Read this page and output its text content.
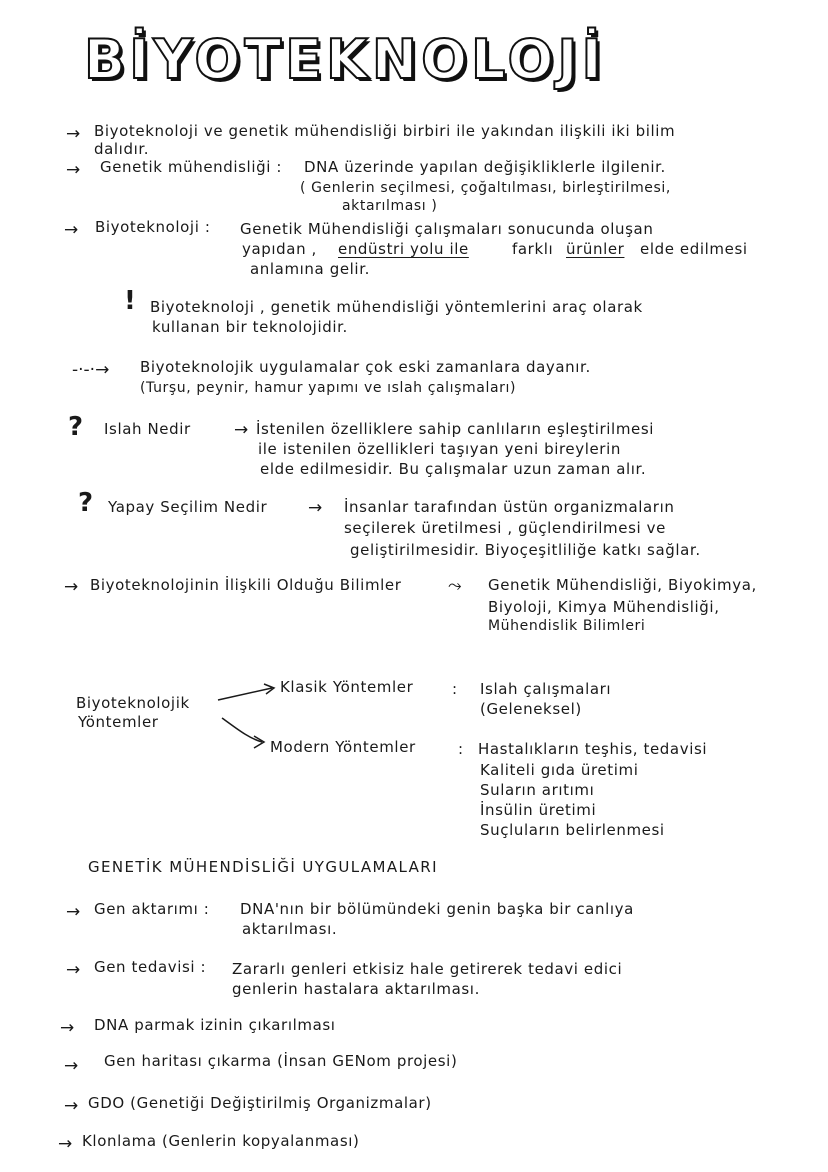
BİYOTEKNOLOJİ
→ Biyoteknoloji ve genetik mühendisliği birbiri ile yakından ilişkili iki bilim
dalıdır.
→ Genetik mühendisliği : DNA üzerinde yapılan değişikliklerle ilgilenir.
( Genlerin seçilmesi, çoğaltılması, birleştirilmesi,
aktarılması )
→ Biyoteknoloji : Genetik Mühendisliği çalışmaları sonucunda oluşan
yapıdan , endüstri yolu ile	farklı ürünler elde edilmesi
anlamına gelir.
! Biyoteknoloji , genetik mühendisliği yöntemlerini araç olarak
kullanan bir teknolojidir.
-·-·→ Biyoteknolojik uygulamalar çok eski zamanlara dayanır.
(Turşu, peynir, hamur yapımı ve ıslah çalışmaları)
? Islah Nedir	→ İstenilen özelliklere sahip canlıların eşleştirilmesi
ile istenilen özellikleri taşıyan yeni bireylerin
elde edilmesidir. Bu çalışmalar uzun zaman alır.
? Yapay Seçilim Nedir → İnsanlar tarafından üstün organizmaların
seçilerek üretilmesi , güçlendirilmesi ve
geliştirilmesidir. Biyoçeşitliliğe katkı sağlar.
→ Biyoteknolojinin İlişkili Olduğu Bilimler	⤳ Genetik Mühendisliği, Biyokimya,
Biyoloji, Kimya Mühendisliği,
Mühendislik Bilimleri
Biyoteknolojik
Yöntemler
Klasik Yöntemler	: Islah çalışmaları
(Geleneksel)
Modern Yöntemler	: Hastalıkların teşhis, tedavisi
Kaliteli gıda üretimi
Suların arıtımı
İnsülin üretimi
Suçluların belirlenmesi
GENETİK MÜHENDİSLİĞİ UYGULAMALARI
→ Gen aktarımı : DNA'nın bir bölümündeki genin başka bir canlıya
aktarılması.
→ Gen tedavisi : Zararlı genleri etkisiz hale getirerek tedavi edici
genlerin hastalara aktarılması.
→ DNA parmak izinin çıkarılması
→ Gen haritası çıkarma (İnsan GENom projesi)
→ GDO (Genetiği Değiştirilmiş Organizmalar)
→ Klonlama (Genlerin kopyalanması)
